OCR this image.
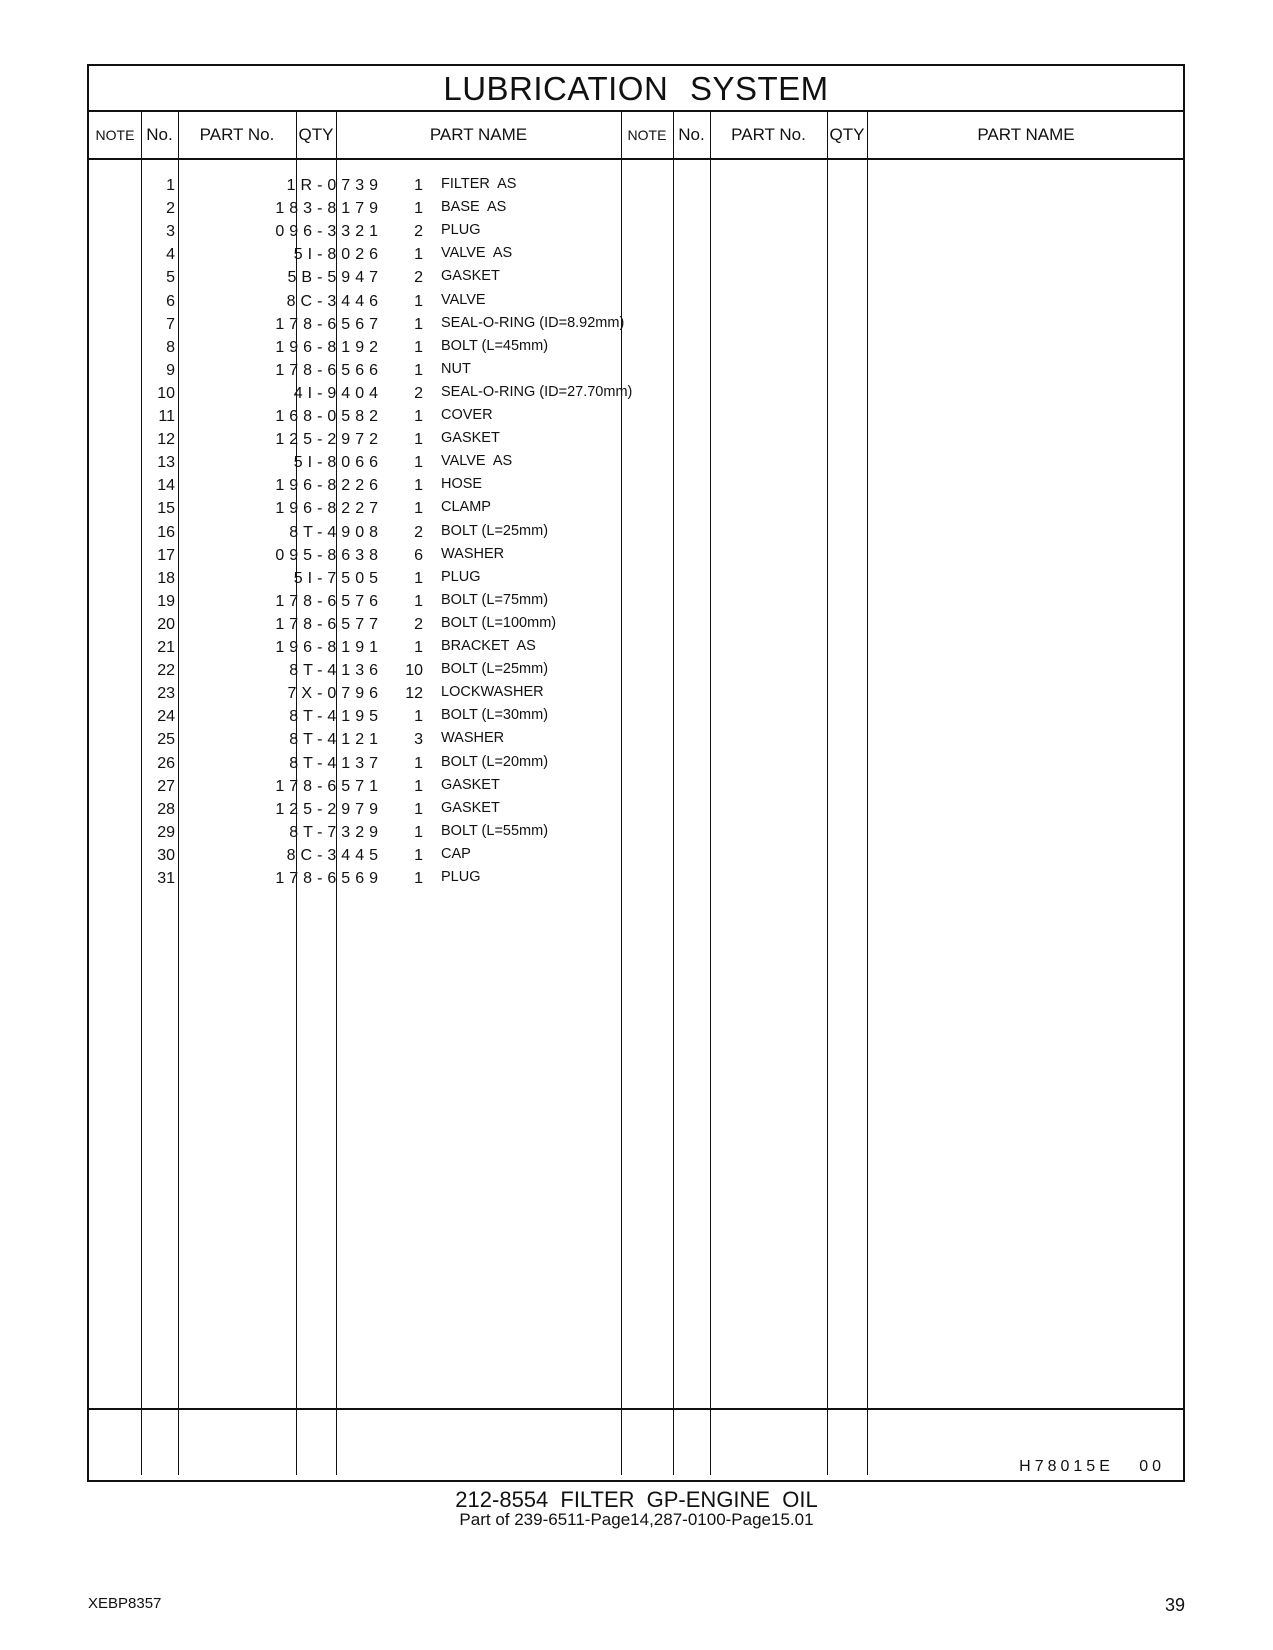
LUBRICATION SYSTEM
NOTE No.	PART No.	QTY	PART NAME	NOTE No.	PART No.	QTY	PART NAME
1	1R-0739	1 FILTER  AS
2	183-8179	1 BASE  AS
3	096-3321	2 PLUG
4	5I-8026	1 VALVE  AS
5	5B-5947	2 GASKET
6	8C-3446	1 VALVE
7	178-6567	1 SEAL-O-RING (ID=8.92mm)
8	196-8192	1 BOLT (L=45mm)
9	178-6566	1 NUT
10	4I-9404	2 SEAL-O-RING (ID=27.70mm)
11	168-0582	1 COVER
12	125-2972	1 GASKET
13	5I-8066	1 VALVE  AS
14	196-8226	1 HOSE
15	196-8227	1 CLAMP
16	8T-4908	2 BOLT (L=25mm)
17	095-8638	6 WASHER
18	5I-7505	1 PLUG
19	178-6576	1 BOLT (L=75mm)
20	178-6577	2 BOLT (L=100mm)
21	196-8191	1 BRACKET  AS
22	8T-4136	10 BOLT (L=25mm)
23	7X-0796	12 LOCKWASHER
24	8T-4195	1 BOLT (L=30mm)
25	8T-4121	3 WASHER
26	8T-4137	1 BOLT (L=20mm)
27	178-6571	1 GASKET
28	125-2979	1 GASKET
29	8T-7329	1 BOLT (L=55mm)
30	8C-3445	1 CAP
31	178-6569	1 PLUG
H78015E   00
212-8554 FILTER GP-ENGINE OIL
Part of 239-6511-Page14,287-0100-Page15.01
XEBP8357	39
